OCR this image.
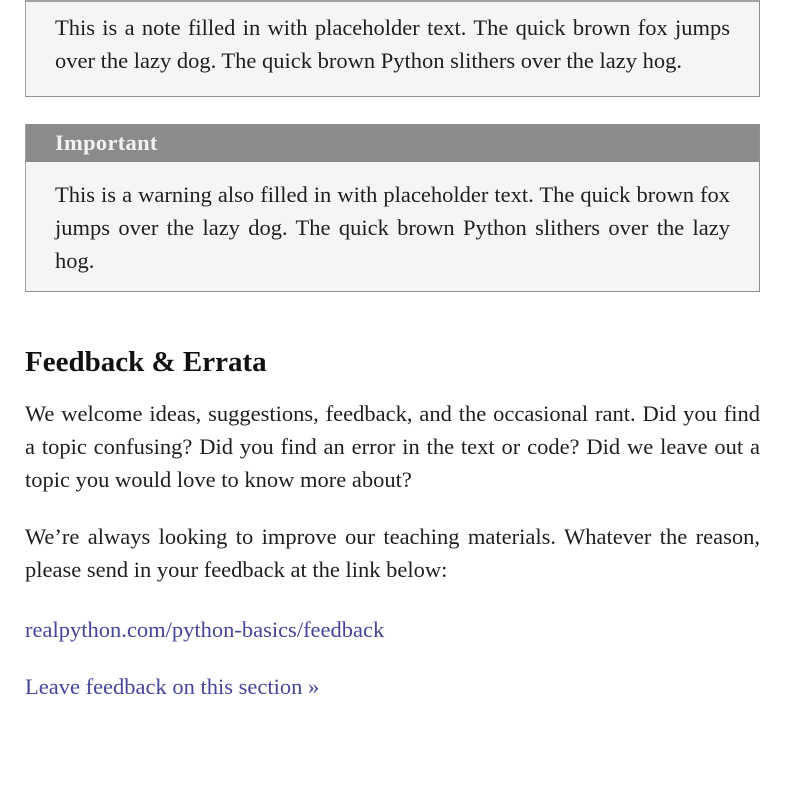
This is a note filled in with placeholder text. The quick brown fox jumps over the lazy dog. The quick brown Python slithers over the lazy hog.

Important

This is a warning also filled in with placeholder text. The quick brown fox jumps over the lazy dog. The quick brown Python slithers over the lazy hog.

Feedback & Errata

We welcome ideas, suggestions, feedback, and the occasional rant. Did you find a topic confusing? Did you find an error in the text or code? Did we leave out a topic you would love to know more about?

We’re always looking to improve our teaching materials. Whatever the reason, please send in your feedback at the link below:

realpython.com/python-basics/feedback

Leave feedback on this section »
